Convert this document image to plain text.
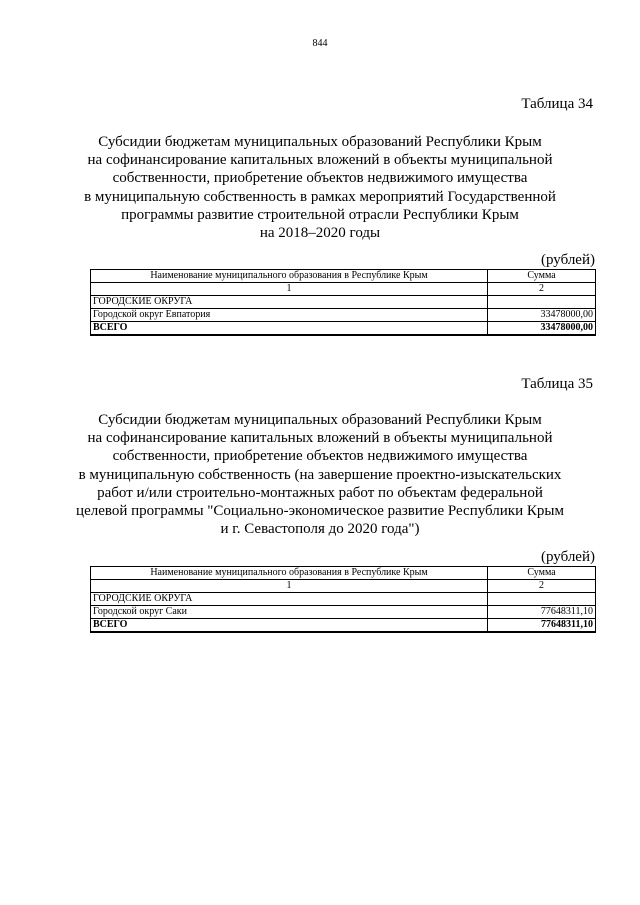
844
Таблица 34
Субсидии бюджетам муниципальных образований Республики Крым
на софинансирование капитальных вложений в объекты муниципальной
собственности, приобретение объектов недвижимого имущества
в муниципальную собственность в рамках мероприятий Государственной
программы развитие строительной отрасли Республики Крым
на 2018–2020 годы
(рублей)
Наименование муниципального образования в Республике Крым	Сумма
1	2
ГОРОДСКИЕ ОКРУГА	
Городской округ Евпатория	33478000,00
ВСЕГО	33478000,00
Таблица 35
Субсидии бюджетам муниципальных образований Республики Крым
на софинансирование капитальных вложений в объекты муниципальной
собственности, приобретение объектов недвижимого имущества
в муниципальную собственность (на завершение проектно-изыскательских
работ и/или строительно-монтажных работ по объектам федеральной
целевой программы "Социально-экономическое развитие Республики Крым
и г. Севастополя до 2020 года")
(рублей)
Наименование муниципального образования в Республике Крым	Сумма
1	2
ГОРОДСКИЕ ОКРУГА	
Городской округ Саки	77648311,10
ВСЕГО	77648311,10
